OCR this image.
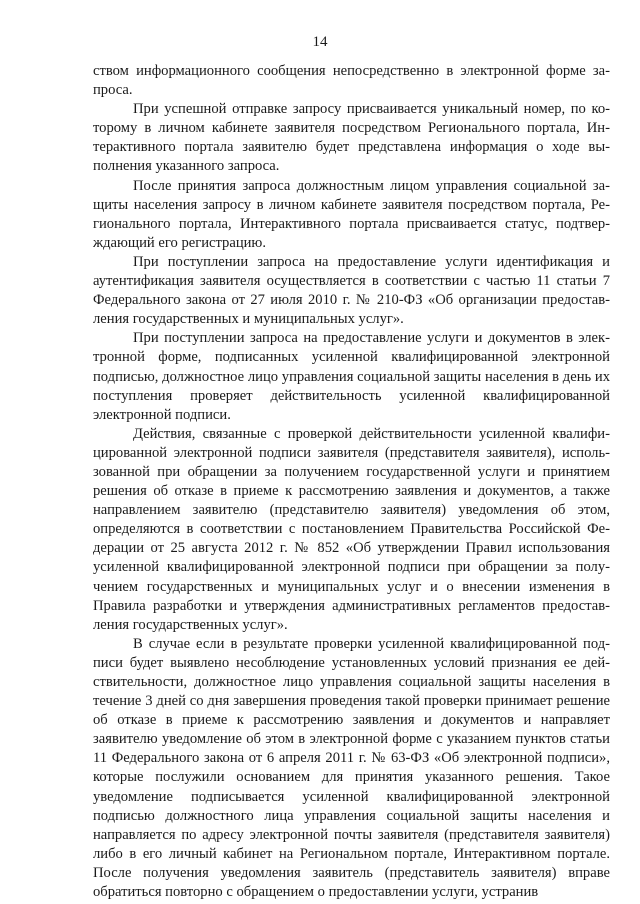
14

ством информационного сообщения непосредственно в электронной форме запроса.

При успешной отправке запросу присваивается уникальный номер, по которому в личном кабинете заявителя посредством Регионального портала, Интерактивного портала заявителю будет представлена информация о ходе выполнения указанного запроса.

После принятия запроса должностным лицом управления социальной защиты населения запросу в личном кабинете заявителя посредством портала, Регионального портала, Интерактивного портала присваивается статус, подтверждающий его регистрацию.

При поступлении запроса на предоставление услуги идентификация и аутентификация заявителя осуществляется в соответствии с частью 11 статьи 7 Федерального закона от 27 июля 2010 г. № 210-ФЗ «Об организации предоставления государственных и муниципальных услуг».

При поступлении запроса на предоставление услуги и документов в электронной форме, подписанных усиленной квалифицированной электронной подписью, должностное лицо управления социальной защиты населения в день их поступления проверяет действительность усиленной квалифицированной электронной подписи.

Действия, связанные с проверкой действительности усиленной квалифицированной электронной подписи заявителя (представителя заявителя), использованной при обращении за получением государственной услуги и принятием решения об отказе в приеме к рассмотрению заявления и документов, а также направлением заявителю (представителю заявителя) уведомления об этом, определяются в соответствии с постановлением Правительства Российской Федерации от 25 августа 2012 г. № 852 «Об утверждении Правил использования усиленной квалифицированной электронной подписи при обращении за получением государственных и муниципальных услуг и о внесении изменения в Правила разработки и утверждения административных регламентов предоставления государственных услуг».

В случае если в результате проверки усиленной квалифицированной подписи будет выявлено несоблюдение установленных условий признания ее действительности, должностное лицо управления социальной защиты населения в течение 3 дней со дня завершения проведения такой проверки принимает решение об отказе в приеме к рассмотрению заявления и документов и направляет заявителю уведомление об этом в электронной форме с указанием пунктов статьи 11 Федерального закона от 6 апреля 2011 г. № 63-ФЗ «Об электронной подписи», которые послужили основанием для принятия указанного решения. Такое уведомление подписывается усиленной квалифицированной электронной подписью должностного лица управления социальной защиты населения и направляется по адресу электронной почты заявителя (представителя заявителя) либо в его личный кабинет на Региональном портале, Интерактивном портале. После получения уведомления заявитель (представитель заявителя) вправе обратиться повторно с обращением о предоставлении услуги, устранив
